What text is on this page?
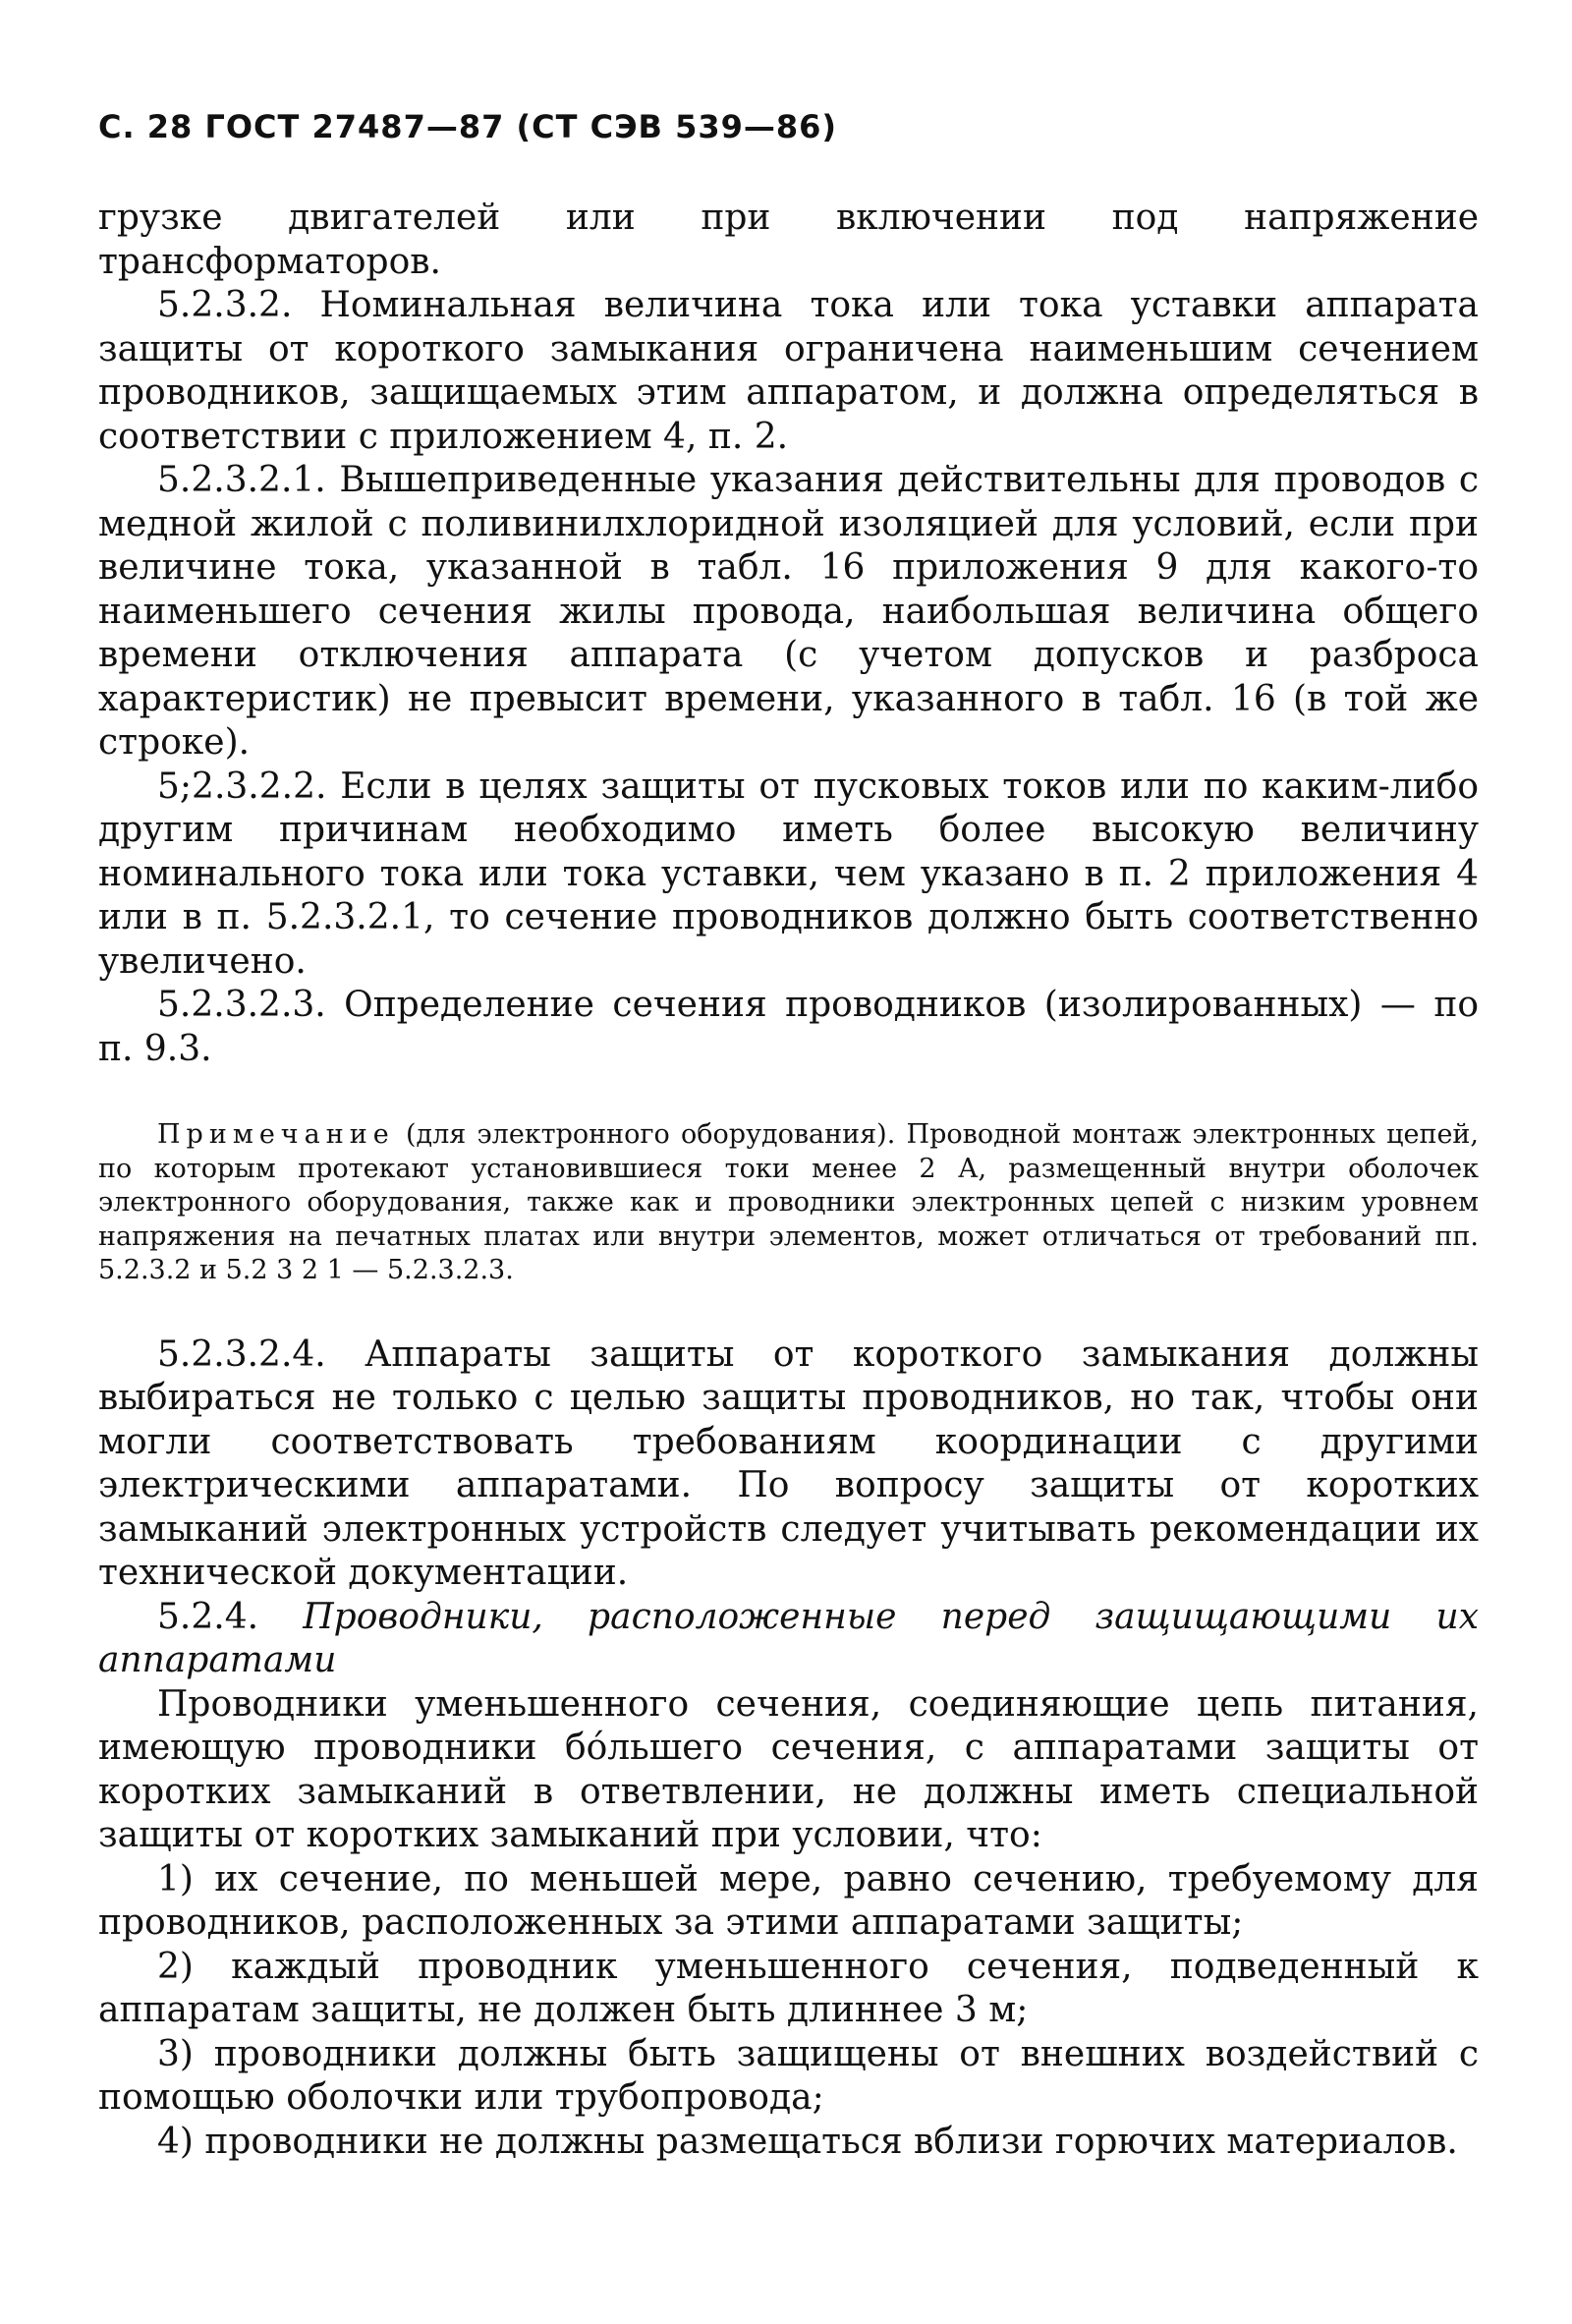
С. 28 ГОСТ 27487—87 (СТ СЭВ 539—86)

грузке двигателей или при включении под напряжение трансформаторов.

5.2.3.2. Номинальная величина тока или тока уставки аппарата защиты от короткого замыкания ограничена наименьшим сечением проводников, защищаемых этим аппаратом, и должна определяться в соответствии с приложением 4, п. 2.

5.2.3.2.1. Вышеприведенные указания действительны для проводов с медной жилой с поливинилхлоридной изоляцией для условий, если при величине тока, указанной в табл. 16 приложения 9 для какого-то наименьшего сечения жилы провода, наибольшая величина общего времени отключения аппарата (с учетом допусков и разброса характеристик) не превысит времени, указанного в табл. 16 (в той же строке).

5;2.3.2.2. Если в целях защиты от пусковых токов или по каким-либо другим причинам необходимо иметь более высокую величину номинального тока или тока уставки, чем указано в п. 2 приложения 4 или в п. 5.2.3.2.1, то сечение проводников должно быть соответственно увеличено.

5.2.3.2.3. Определение сечения проводников (изолированных) — по п. 9.3.

Примечание (для электронного оборудования). Проводной монтаж электронных цепей, по которым протекают установившиеся токи менее 2 А, размещенный внутри оболочек электронного оборудования, также как и проводники электронных цепей с низким уровнем напряжения на печатных платах или внутри элементов, может отличаться от требований пп. 5.2.3.2 и 5.2 3 2 1 — 5.2.3.2.3.

5.2.3.2.4. Аппараты защиты от короткого замыкания должны выбираться не только с целью защиты проводников, но так, чтобы они могли соответствовать требованиям координации с другими электрическими аппаратами. По вопросу защиты от коротких замыканий электронных устройств следует учитывать рекомендации их технической документации.

5.2.4. Проводники, расположенные перед защищающими их аппаратами

Проводники уменьшенного сечения, соединяющие цепь питания, имеющую проводники бóльшего сечения, с аппаратами защиты от коротких замыканий в ответвлении, не должны иметь специальной защиты от коротких замыканий при условии, что:

1) их сечение, по меньшей мере, равно сечению, требуемому для проводников, расположенных за этими аппаратами защиты;

2) каждый проводник уменьшенного сечения, подведенный к аппаратам защиты, не должен быть длиннее 3 м;

3) проводники должны быть защищены от внешних воздействий с помощью оболочки или трубопровода;

4) проводники не должны размещаться вблизи горючих материалов.
